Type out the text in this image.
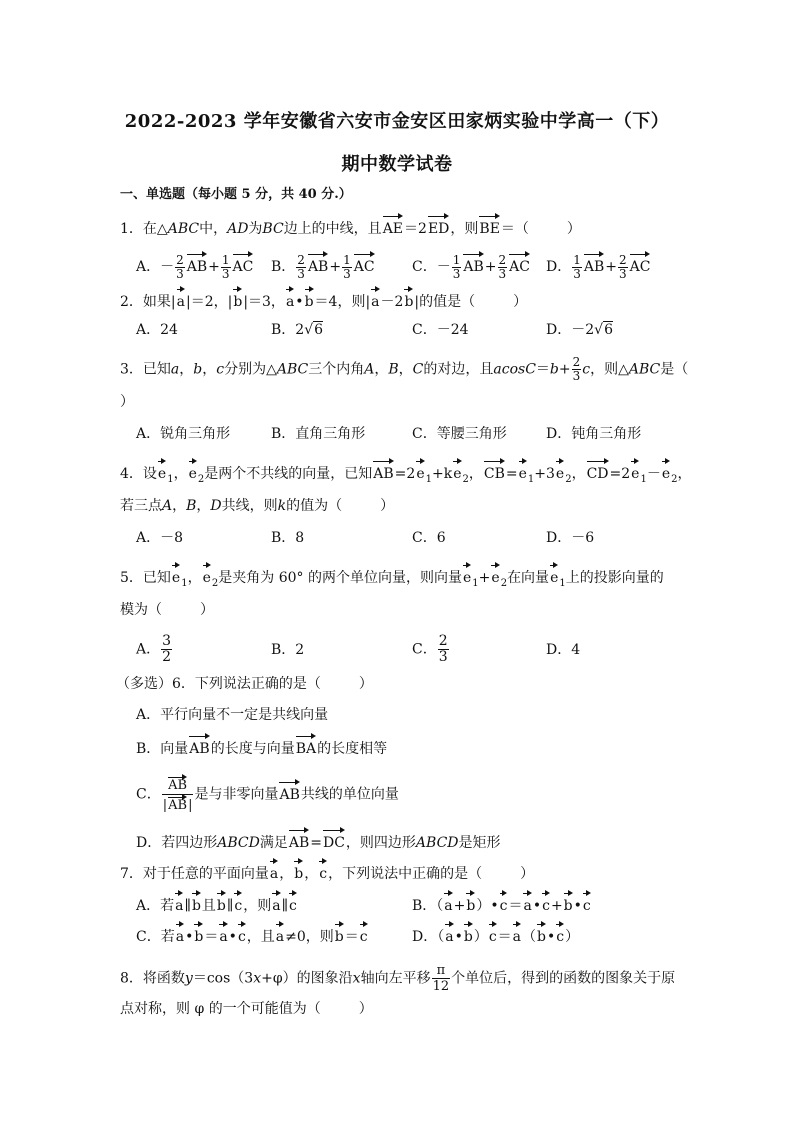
2022-2023 学年安徽省六安市金安区田家炳实验中学高一（下）
期中数学试卷
一、单选题（每小题 5 分，共 40 分.）
1．在△ABC中，AD为BC边上的中线，且AE＝2ED，则BE＝（	）
A．－ $\frac{2}{3} AB+ \frac{1}{3}$ AC B． $\frac{2}{3} AB+ \frac{1}{3}$ AC	C．－ $\frac{1}{3} AB+ \frac{2}{3}$ AC D． $\frac{1}{3} AB+ \frac{2}{3}$ AC
2．如果|a|＝2，|b|＝3，a•b＝4，则|a－2b|的值是（	）
A．24	B．2√6	C．－24	D．－2√6
3．已知a，b，c分别为△ABC三个内角A，B，C的对边，且$acosC=b+ \frac{2}{3}$ c，则△ABC是（
）
A．锐角三角形	B．直角三角形	C．等腰三角形	D．钝角三角形
4．设$e_1$，$e_2$是两个不共线的向量，已知$AB=2e_1+ke_2$，$CB=e_1+3e_2$，$CD=2e_1-e_2$，
若三点A，B，D共线，则k的值为（	）
A．－8	B．8	C．6	D．－6
5．已知$e_1$，$e_2$是夹角为 60° 的两个单位向量，则向量$e_1+e_2$在向量$e_1$上的投影向量的
模为（	）
A． $\frac{3}{2}$	B．2	C． $\frac{2}{3}$	D．4
（多选）6．下列说法正确的是（	）
A．平行向量不一定是共线向量
B．向量AB的长度与向量BA的长度相等
C． $\frac{AB}{|AB|}$ 是与非零向量AB共线的单位向量
D．若四边形ABCD满足AB=DC，则四边形ABCD是矩形
7．对于任意的平面向量a，b，c，下列说法中正确的是（	）
A．若a∥b且b∥c，则a∥c	B．（a+b）•c＝a•c+b•c
C．若a•b＝a•c，且a≠0，则b＝c	D．（a•b）c＝a（b•c）
8．将函数y＝cos（3x+φ）的图象沿x轴向左平移 $\frac{\pi}{12}$ 个单位后，得到的函数的图象关于原
点对称，则 φ 的一个可能值为（	）
